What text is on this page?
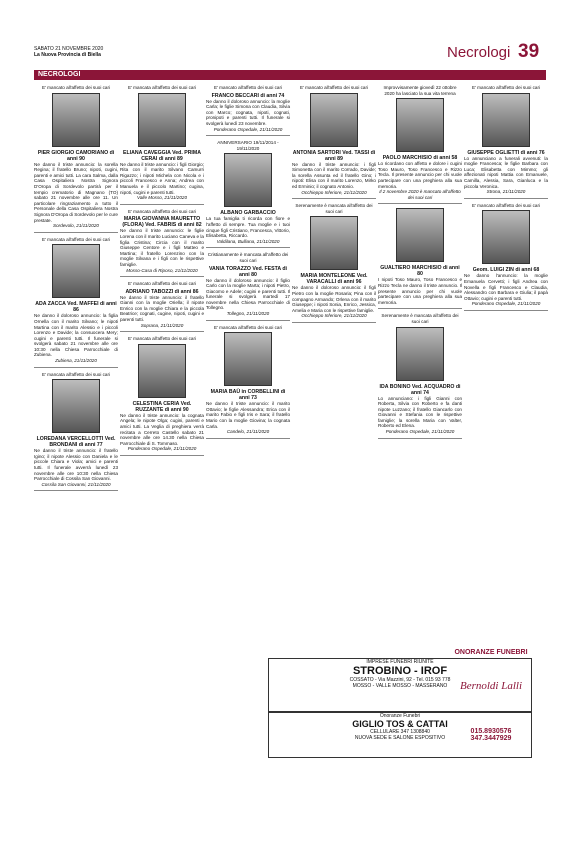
SABATO 21 NOVEMBRE 2020
La Nuova Provincia di Biella	Necrologi 39
NECROLOGI
E' mancato all'affetto dei suoi cari
PIER GIORGIO CAMORIANO di anni 90
Ne danno il triste annuncio: la sorella Regina; il fratello Bruno; nipoti, cugini, parenti e amici tutti. La cara Salma, dalla Casa Ospitaliera Nostra Signora D'Oropa di Sordevolo partirà per il tempio crematorio di Magnano (TO) sabato 21 novembre alle ore 11. Un particolare ringraziamento a tutto il Personale della Casa Ospitaliera Nostra Signora D'Oropa di Sordevolo per le cure prestate.
Sordevolo, 21/11/2020
E' mancata all'affetto dei suoi cari
ADA ZACCA Ved. MAFFEI di anni 86
Ne danno il doloroso annuncio: la figlia Ornella con il marito Silvano; le nipoti Martina con il marito Alessio e i piccoli Lorenzo e Davide; la consuocera Mery; cugini e parenti tutti. Il funerale si svolgerà sabato 21 novembre alle ore 10:30 nella Chiesa Parrocchiale di Zubiena.
Zubiena, 21/11/2020
E' mancata all'affetto dei suoi cari
LOREDANA VERCELLOTTI Ved. BRONDANI di anni 77
Ne danno il triste annuncio: il fratello Igino; il nipote Alessio con Daniela e le piccole Chiara e Viola; amici e parenti tutti. Il funerale avverrà lunedì 23 novembre alle ore 10:30 nella Chiesa Parrocchiale di Cossila San Giovanni.
Cossila San Giovanni, 21/11/2020
E' mancata all'affetto dei suoi cari
ELIANA CAVEGGIA Ved. PRIMA CERAI di anni 89
Ne danno il triste annuncio: i figli Giorgio; Rita con il marito Silvano Camurri Rigazzo; i nipoti Michela con Nicola e i piccoli Francesco e Anna; Andrea con Manuela e il piccolo Martino; cugina, nipoti, cugini e parenti tutti.
Valle Mosso, 21/11/2020
E' mancata all'affetto dei suoi cari
MARIA GIOVANNA MAURETTO (FLORA) Ved. FABRIS di anni 82
Ne danno il triste annuncio: le figlie Lorena con il marito Luciano Caneva e la figlia Cristina; Circia con il marito Giuseppe Centore e i figli Matteo e Martina; il fratello Lorenzino con la moglie Silvana e i figli con le rispettive famiglie.
Mosso-Casa di Riposo, 21/11/2020
E' mancato all'affetto dei suoi cari
ADRIANO TABOZZI di anni 86
Ne danno il triste annuncio: il fratello Gianni con la moglie Oriella; il nipote Enrico con la moglie Chiara e la piccola Beatrice; cognati, cugine, nipoti, cugini e parenti tutti.
Soprana, 21/11/2020
E' mancata all'affetto dei suoi cari
CELESTINA CERIA Ved. RUZZANTE di anni 90
Ne danno il triste annuncio: la cognata Angela; le nipote Olga; cugini, parenti e amici tutti. La Veglia di preghiera verrà recitata a Cerreto Castello sabato 21 novembre alle ore 14.30 nella Chiesa Parrocchiale di S. Tommaso.
Ponderano Ospedale, 21/11/2020
E' mancato all'affetto dei suoi cari
FRANCO BECCARI di anni 74
Ne danno il doloroso annuncio: la moglie Carla; le figlie Simona con Claudia, Silvia con Marco; cognata, nipoti, cognati, pronipoti e parenti tutti. Il funerale si svolgerà lunedì 23 novembre.
Ponderano Ospedale, 21/11/2020
ANNIVERSARIO 19/11/2014 - 19/11/2020
ALBANO GARBACCIO
La tua famiglia ti ricorda con fiore e l'affetto di sempre. Tua moglie e i tuoi cinque figli Cristiano, Francesca, Vittorio, Elisabetta, Riccardo.
Valdilana, Bulliana, 21/11/2020
Cristianamente è mancata all'affetto dei suoi cari
VANIA TORAZZO Ved. FESTA di anni 80
Ne danno il doloroso annuncio: il figlio Carlo con la moglie Marta; i nipoti Pietro, Giacomo e Adele; cugini e parenti tutti. Il funerale si svolgerà martedì 17 novembre nella Chiesa Parrocchiale di Tollegno.
Tollegno, 21/11/2020
E' mancata all'affetto dei suoi cari
MARIA BAÙ in CORBELLINI di anni 73
Ne danno il triste annuncio: il marito Ottavio; le figlie Alessandra; Erica con il marito Fabio e figli Iris e Sara; il fratello Mario con la moglie Giovina; la cognata Carla.
Candelo, 21/11/2020
E' mancato all'affetto dei suoi cari
ANTONIA SARTORI Ved. TASSI di anni 89
Ne danno il triste annuncio: i figli Simonetta con il marito Corrado, Davide; la sorella Assunta ed il fratello Gino; i nipoti: Elisa con il marito Lorenzo, Mirko ed Erminio; il cognato Antonio.
Occhieppo Inferiore, 21/11/2020
Serenamente è mancata all'affetto dei suoi cari
MARIA MONTELEONE Ved. VARACALLI di anni 96
Ne danno il doloroso annuncio: il figli Pietro con la moglie Rosaria; Pina con il compagno Armando; Orlena con il marito Giuseppe; i nipoti Sonia, Enrico, Jessica, Amelia e Maria con le rispettive famiglie.
Occhieppo Inferiore, 21/11/2020
Improvvisamente giovedì 22 ottobre 2020 ha lasciato la sua vita terrena
PAOLO MARCHISIO di anni 58
Lo ricordano con affetto e dolore i cugini Toso Mauro, Toso Francesco e Rizzo Tecla. Il presente annuncio per chi vuole partecipare con una preghiera alla sua memoria.
Il 2 novembre 2020 è mancato all'affetto dei suoi cari
GUALTIERO MARCHISIO di anni 80
I nipoti Toso Mauro, Toso Francesco e Rizzo Tecla ne danno il triste annuncio. Il presente annuncio per chi vuole partecipare con una preghiera alla sua memoria.
Serenamente è mancata all'affetto dei suoi cari
IDA BONINO Ved. ACQUADRO di anni 74
Lo annunciano: i figli Gianni con Roberta, Silvia con Roberto e fa danti nipote Luzzano; il fratello Giancarlo con Giovanni e Stefania con le rispettive famiglie; la sorella Maria con Valter, Roberto ed Elena.
Ponderano Ospedale, 21/11/2020
E' mancato all'affetto dei suoi cari
GIUSEPPE OGLIETTI di anni 76
Lo annunciano a funerali avvenuti: la moglie Francesca; le figlie Barbara con Luca; Elisabetta con Mimmo; gli affezionati nipoti Mattia con Emanuele, Camilla, Alessia, Sara, Gianluca e la piccola Veronica.
Strona, 21/11/2020
E' mancato all'affetto dei suoi cari
Geom. LUIGI ZIN di anni 68
Ne danno l'annuncio: la moglie Emanuela Cervetti; i figli Andrea con Novella e figli Francesco e Claudia, Alessandro con Barbara e Giulia; il papà Ottavio; cugini e parenti tutti.
Ponderano Ospedale, 21/11/2020
IMPRESE FUNEBRI RIUNITE
STROBINO - IROF
COSSATO - Via Mazzini, 92 - Tel. 015 93 778
MOSSO - VALLE MOSSO - MASSERANO
Onoranze Funebri
GIGLIO TOS & CATTAI
CELLULARE 347 1308840
NUOVA SEDE E SALONE ESPOSITIVO
ONORANZE FUNEBRI
Bernoldi Lalli
015.8930576
347.3447929
